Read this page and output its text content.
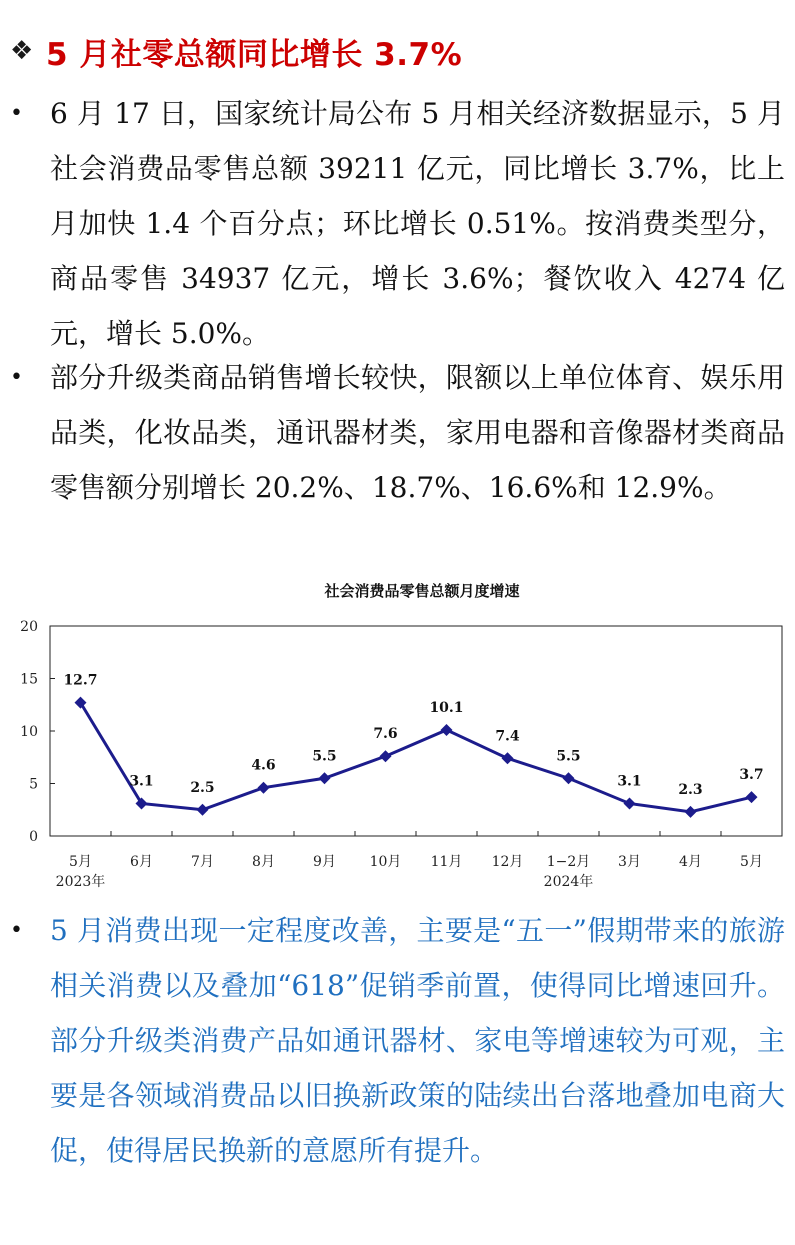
❖ 5 月社零总额同比增长 3.7%
• 6 月 17 日，国家统计局公布 5 月相关经济数据显示，5 月社会消费品零售总额 39211 亿元，同比增长 3.7%，比上月加快 1.4 个百分点；环比增长 0.51%。按消费类型分，商品零售 34937 亿元，增长 3.6%；餐饮收入 4274 亿元，增长 5.0%。
• 部分升级类商品销售增长较快，限额以上单位体育、娱乐用品类，化妆品类，通讯器材类，家用电器和音像器材类商品零售额分别增长 20.2%、18.7%、16.6%和 12.9%。
社会消费品零售总额月度增速
0
5
10
15
20
5月	6月	7月	8月	9月 10月 11月 12月 1−2月 3月	4月	5月
2023年	2024年
12.7
3.1	2.5
4.6
5.5
7.6
10.1
7.4
5.5
3.1
2.3
3.7
• 5 月消费出现一定程度改善，主要是“五一”假期带来的旅游相关消费以及叠加“618”促销季前置，使得同比增速回升。部分升级类消费产品如通讯器材、家电等增速较为可观，主要是各领域消费品以旧换新政策的陆续出台落地叠加电商大促，使得居民换新的意愿所有提升。
